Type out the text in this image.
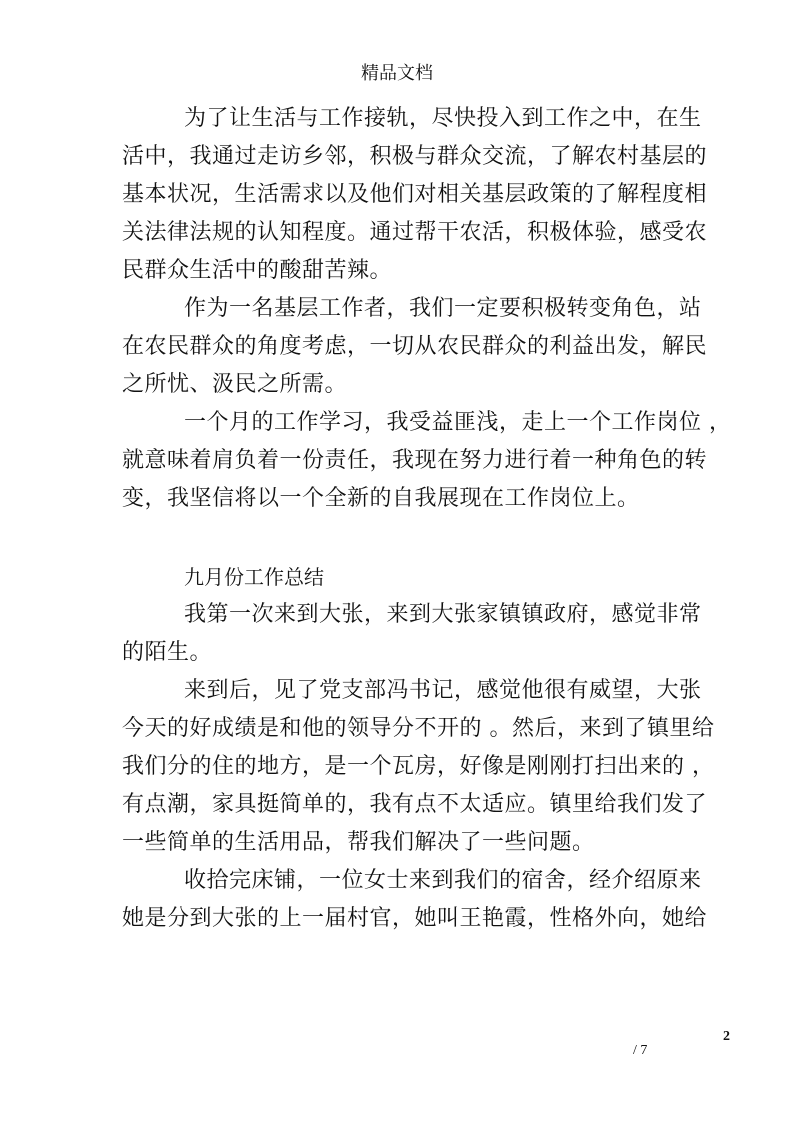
精品文档

为了让生活与工作接轨，尽快投入到工作之中，在生
活中，我通过走访乡邻，积极与群众交流，了解农村基层的
基本状况，生活需求以及他们对相关基层政策的了解程度相
关法律法规的认知程度。通过帮干农活，积极体验，感受农
民群众生活中的酸甜苦辣。

作为一名基层工作者，我们一定要积极转变角色，站
在农民群众的角度考虑，一切从农民群众的利益出发，解民
之所忧、汲民之所需。

一个月的工作学习，我受益匪浅，走上一个工作岗位 ，
就意味着肩负着一份责任，我现在努力进行着一种角色的转
变，我坚信将以一个全新的自我展现在工作岗位上。

九月份工作总结

我第一次来到大张，来到大张家镇镇政府，感觉非常
的陌生。

来到后，见了党支部冯书记，感觉他很有威望，大张
今天的好成绩是和他的领导分不开的 。然后，来到了镇里给
我们分的住的地方，是一个瓦房，好像是刚刚打扫出来的 ，
有点潮，家具挺简单的，我有点不太适应。镇里给我们发了
一些简单的生活用品，帮我们解决了一些问题。

收拾完床铺，一位女士来到我们的宿舍，经介绍原来
她是分到大张的上一届村官，她叫王艳霞，性格外向，她给

2
/ 7
